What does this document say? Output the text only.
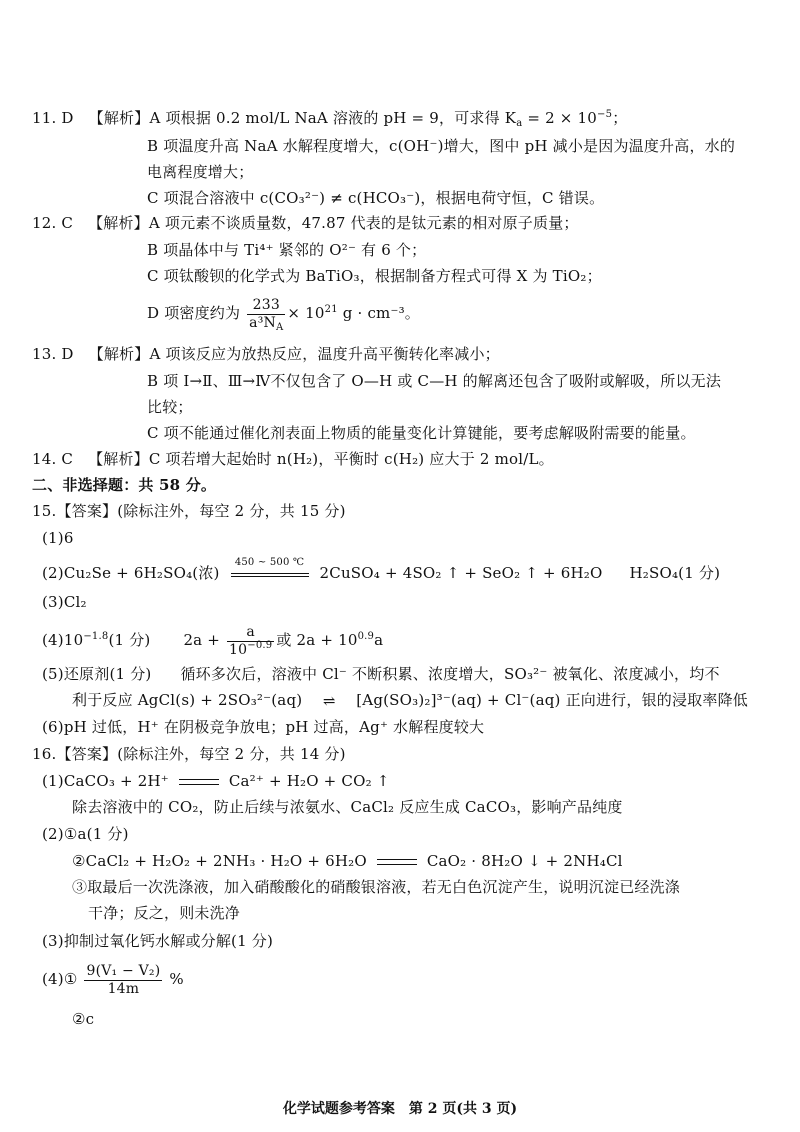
11. D 【解析】A 项根据 0.2 mol/L NaA 溶液的 pH = 9，可求得 $K_a = 2 \times 10^{-5}$；
B 项温度升高 NaA 水解程度增大，c(OH⁻)增大，图中 pH 减小是因为温度升高，水的
电离程度增大；
C 项混合溶液中 c(CO₃²⁻) ≠ c(HCO₃⁻)，根据电荷守恒，C 错误。
12. C 【解析】A 项元素不谈质量数，47.87 代表的是钛元素的相对原子质量；
B 项晶体中与 Ti⁴⁺ 紧邻的 O²⁻ 有 6 个；
C 项钛酸钡的化学式为 BaTiO₃，根据制备方程式可得 X 为 TiO₂；
D 项密度约为 $\frac{233}{a^3N_A} \times 10^{21}$ g · cm⁻³。
13. D 【解析】A 项该反应为放热反应，温度升高平衡转化率减小；
B 项 Ⅰ→Ⅱ、Ⅲ→Ⅳ不仅包含了 O—H 或 C—H 的解离还包含了吸附或解吸，所以无法
比较；
C 项不能通过催化剂表面上物质的能量变化计算键能，要考虑解吸附需要的能量。
14. C 【解析】C 项若增大起始时 n(H₂)，平衡时 c(H₂) 应大于 2 mol/L。
二、非选择题：共 58 分。
15.【答案】(除标注外，每空 2 分，共 15 分)
(1)6
(2)Cu₂Se + 6H₂SO₄(浓)
450 ~ 500 ℃
2CuSO₄ + 4SO₂ ↑ + SeO₂ ↑ + 6H₂O H₂SO₄(1 分)
(3)Cl₂
$(4)10^{-1.8}(1$ 分) $2a + \frac{a}{10^{-0.9}}$ 或 $2a + 10^{0.9}a$
(5)还原剂(1 分) 循环多次后，溶液中 Cl⁻ 不断积累、浓度增大，SO₃²⁻ 被氧化、浓度减小，均不
利于反应 AgCl(s) + 2SO₃²⁻(aq) ⇌ [Ag(SO₃)₂]³⁻(aq) + Cl⁻(aq) 正向进行，银的浸取率降低
(6)pH 过低，H⁺ 在阴极竞争放电；pH 过高，Ag⁺ 水解程度较大
16.【答案】(除标注外，每空 2 分，共 14 分)
(1)CaCO₃ + 2H⁺	Ca²⁺ + H₂O + CO₂ ↑
除去溶液中的 CO₂，防止后续与浓氨水、CaCl₂ 反应生成 CaCO₃，影响产品纯度
(2)①a(1 分)
②CaCl₂ + H₂O₂ + 2NH₃ · H₂O + 6H₂O	CaO₂ · 8H₂O ↓ + 2NH₄Cl
③取最后一次洗涤液，加入硝酸酸化的硝酸银溶液，若无白色沉淀产生，说明沉淀已经洗涤
干净；反之，则未洗净
(3)抑制过氧化钙水解或分解(1 分)
(4)① $\frac{\text{9(V₁ − V₂)}}{14m}$ %
②c
化学试题参考答案　第 2 页(共 3 页)
